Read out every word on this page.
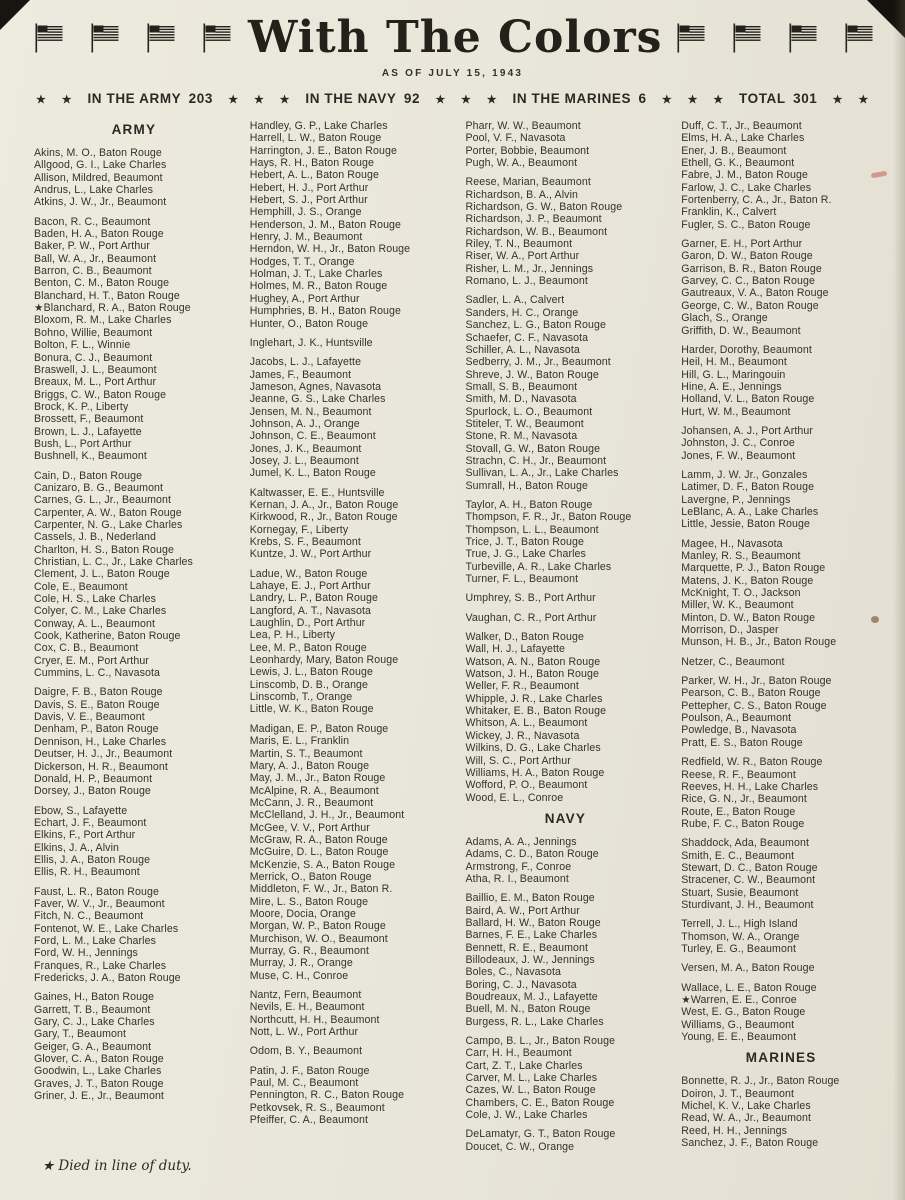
With The Colors
AS OF JULY 15, 1943
★ ★ IN THE ARMY 203 ★ ★ ★ IN THE NAVY 92 ★ ★ ★ IN THE MARINES 6 ★ ★ ★ TOTAL 301 ★ ★
ARMY
Akins, M. O., Baton Rouge
Allgood, G. I., Lake Charles
Allison, Mildred, Beaumont
Andrus, L., Lake Charles
Atkins, J. W., Jr., Beaumont
Bacon, R. C., Beaumont
Baden, H. A., Baton Rouge
Baker, P. W., Port Arthur
Ball, W. A., Jr., Beaumont
Barron, C. B., Beaumont
Benton, C. M., Baton Rouge
Blanchard, H. T., Baton Rouge
★Blanchard, R. A., Baton Rouge
Bloxom, R. M., Lake Charles
Bohno, Willie, Beaumont
Bolton, F. L., Winnie
Bonura, C. J., Beaumont
Braswell, J. L., Beaumont
Breaux, M. L., Port Arthur
Briggs, C. W., Baton Rouge
Brock, K. P., Liberty
Brossett, F., Beaumont
Brown, L. J., Lafayette
Bush, L., Port Arthur
Bushnell, K., Beaumont
Cain, D., Baton Rouge
Canizaro, B. G., Beaumont
Carnes, G. L., Jr., Beaumont
Carpenter, A. W., Baton Rouge
Carpenter, N. G., Lake Charles
Cassels, J. B., Nederland
Charlton, H. S., Baton Rouge
Christian, L. C., Jr., Lake Charles
Clement, J. L., Baton Rouge
Cole, E., Beaumont
Cole, H. S., Lake Charles
Colyer, C. M., Lake Charles
Conway, A. L., Beaumont
Cook, Katherine, Baton Rouge
Cox, C. B., Beaumont
Cryer, E. M., Port Arthur
Cummins, L. C., Navasota
Daigre, F. B., Baton Rouge
Davis, S. E., Baton Rouge
Davis, V. E., Beaumont
Denham, P., Baton Rouge
Dennison, H., Lake Charles
Deutser, H. J., Jr., Beaumont
Dickerson, H. R., Beaumont
Donald, H. P., Beaumont
Dorsey, J., Baton Rouge
Ebow, S., Lafayette
Echart, J. F., Beaumont
Elkins, F., Port Arthur
Elkins, J. A., Alvin
Ellis, J. A., Baton Rouge
Ellis, R. H., Beaumont
Faust, L. R., Baton Rouge
Faver, W. V., Jr., Beaumont
Fitch, N. C., Beaumont
Fontenot, W. E., Lake Charles
Ford, L. M., Lake Charles
Ford, W. H., Jennings
Franques, R., Lake Charles
Fredericks, J. A., Baton Rouge
Gaines, H., Baton Rouge
Garrett, T. B., Beaumont
Gary, C. J., Lake Charles
Gary, T., Beaumont
Geiger, G. A., Beaumont
Glover, C. A., Baton Rouge
Goodwin, L., Lake Charles
Graves, J. T., Baton Rouge
Griner, J. E., Jr., Beaumont
Handley, G. P., Lake Charles
Harrell, L. W., Baton Rouge
Harrington, J. E., Baton Rouge
Hays, R. H., Baton Rouge
Hebert, A. L., Baton Rouge
Hebert, H. J., Port Arthur
Hebert, S. J., Port Arthur
Hemphill, J. S., Orange
Henderson, J. M., Baton Rouge
Henry, J. M., Beaumont
Herndon, W. H., Jr., Baton Rouge
Hodges, T. T., Orange
Holman, J. T., Lake Charles
Holmes, M. R., Baton Rouge
Hughey, A., Port Arthur
Humphries, B. H., Baton Rouge
Hunter, O., Baton Rouge
Inglehart, J. K., Huntsville
Jacobs, L. J., Lafayette
James, F., Beaumont
Jameson, Agnes, Navasota
Jeanne, G. S., Lake Charles
Jensen, M. N., Beaumont
Johnson, A. J., Orange
Johnson, C. E., Beaumont
Jones, J. K., Beaumont
Josey, J. L., Beaumont
Jumel, K. L., Baton Rouge
Kaltwasser, E. E., Huntsville
Kernan, J. A., Jr., Baton Rouge
Kirkwood, R., Jr., Baton Rouge
Kornegay, F., Liberty
Krebs, S. F., Beaumont
Kuntze, J. W., Port Arthur
Ladue, W., Baton Rouge
Lahaye, E. J., Port Arthur
Landry, L. P., Baton Rouge
Langford, A. T., Navasota
Laughlin, D., Port Arthur
Lea, P. H., Liberty
Lee, M. P., Baton Rouge
Leonhardy, Mary, Baton Rouge
Lewis, J. L., Baton Rouge
Linscomb, D. B., Orange
Linscomb, T., Orange
Little, W. K., Baton Rouge
Madigan, E. P., Baton Rouge
Maris, E. L., Franklin
Martin, S. T., Beaumont
Mary, A. J., Baton Rouge
May, J. M., Jr., Baton Rouge
McAlpine, R. A., Beaumont
McCann, J. R., Beaumont
McClelland, J. H., Jr., Beaumont
McGee, V. V., Port Arthur
McGraw, R. A., Baton Rouge
McGuire, D. L., Baton Rouge
McKenzie, S. A., Baton Rouge
Merrick, O., Baton Rouge
Middleton, F. W., Jr., Baton R.
Mire, L. S., Baton Rouge
Moore, Docia, Orange
Morgan, W. P., Baton Rouge
Murchison, W. O., Beaumont
Murray, G. R., Beaumont
Murray, J. R., Orange
Muse, C. H., Conroe
Nantz, Fern, Beaumont
Nevils, E. H., Beaumont
Northcutt, H. H., Beaumont
Nott, L. W., Port Arthur
Odom, B. Y., Beaumont
Patin, J. F., Baton Rouge
Paul, M. C., Beaumont
Pennington, R. C., Baton Rouge
Petkovsek, R. S., Beaumont
Pfeiffer, C. A., Beaumont
Pharr, W. W., Beaumont
Pool, V. F., Navasota
Porter, Bobbie, Beaumont
Pugh, W. A., Beaumont
Reese, Marian, Beaumont
Richardson, B. A., Alvin
Richardson, G. W., Baton Rouge
Richardson, J. P., Beaumont
Richardson, W. B., Beaumont
Riley, T. N., Beaumont
Riser, W. A., Port Arthur
Risher, L. M., Jr., Jennings
Romano, L. J., Beaumont
Sadler, L. A., Calvert
Sanders, H. C., Orange
Sanchez, L. G., Baton Rouge
Schaefer, C. F., Navasota
Schiller, A. L., Navasota
Sedberry, J. M., Jr., Beaumont
Shreve, J. W., Baton Rouge
Small, S. B., Beaumont
Smith, M. D., Navasota
Spurlock, L. O., Beaumont
Stiteler, T. W., Beaumont
Stone, R. M., Navasota
Stovall, G. W., Baton Rouge
Strachn, C. H., Jr., Beaumont
Sullivan, L. A., Jr., Lake Charles
Sumrall, H., Baton Rouge
Taylor, A. H., Baton Rouge
Thompson, F. R., Jr., Baton Rouge
Thompson, L. L., Beaumont
Trice, J. T., Baton Rouge
True, J. G., Lake Charles
Turbeville, A. R., Lake Charles
Turner, F. L., Beaumont
Umphrey, S. B., Port Arthur
Vaughan, C. R., Port Arthur
Walker, D., Baton Rouge
Wall, H. J., Lafayette
Watson, A. N., Baton Rouge
Watson, J. H., Baton Rouge
Weller, F. R., Beaumont
Whipple, J. R., Lake Charles
Whitaker, E. B., Baton Rouge
Whitson, A. L., Beaumont
Wickey, J. R., Navasota
Wilkins, D. G., Lake Charles
Will, S. C., Port Arthur
Williams, H. A., Baton Rouge
Wofford, P. O., Beaumont
Wood, E. L., Conroe
NAVY
Adams, A. A., Jennings
Adams, C. D., Baton Rouge
Armstrong, F., Conroe
Atha, R. I., Beaumont
Baillio, E. M., Baton Rouge
Baird, A. W., Port Arthur
Ballard, H. W., Baton Rouge
Barnes, F. E., Lake Charles
Bennett, R. E., Beaumont
Billodeaux, J. W., Jennings
Boles, C., Navasota
Boring, C. J., Navasota
Boudreaux, M. J., Lafayette
Buell, M. N., Baton Rouge
Burgess, R. L., Lake Charles
Campo, B. L., Jr., Baton Rouge
Carr, H. H., Beaumont
Cart, Z. T., Lake Charles
Carver, M. L., Lake Charles
Cazes, W. L., Baton Rouge
Chambers, C. E., Baton Rouge
Cole, J. W., Lake Charles
DeLamatyr, G. T., Baton Rouge
Doucet, C. W., Orange
Duff, C. T., Jr., Beaumont
Elms, H. A., Lake Charles
Ener, J. B., Beaumont
Ethell, G. K., Beaumont
Fabre, J. M., Baton Rouge
Farlow, J. C., Lake Charles
Fortenberry, C. A., Jr., Baton R.
Franklin, K., Calvert
Fugler, S. C., Baton Rouge
Garner, E. H., Port Arthur
Garon, D. W., Baton Rouge
Garrison, B. R., Baton Rouge
Garvey, C. C., Baton Rouge
Gautreaux, V. A., Baton Rouge
George, C. W., Baton Rouge
Glach, S., Orange
Griffith, D. W., Beaumont
Harder, Dorothy, Beaumont
Heil, H. M., Beaumont
Hill, G. L., Maringouin
Hine, A. E., Jennings
Holland, V. L., Baton Rouge
Hurt, W. M., Beaumont
Johansen, A. J., Port Arthur
Johnston, J. C., Conroe
Jones, F. W., Beaumont
Lamm, J. W. Jr., Gonzales
Latimer, D. F., Baton Rouge
Lavergne, P., Jennings
LeBlanc, A. A., Lake Charles
Little, Jessie, Baton Rouge
Magee, H., Navasota
Manley, R. S., Beaumont
Marquette, P. J., Baton Rouge
Matens, J. K., Baton Rouge
McKnight, T. O., Jackson
Miller, W. K., Beaumont
Minton, D. W., Baton Rouge
Morrison, D., Jasper
Munson, H. B., Jr., Baton Rouge
Netzer, C., Beaumont
Parker, W. H., Jr., Baton Rouge
Pearson, C. B., Baton Rouge
Pettepher, C. S., Baton Rouge
Poulson, A., Beaumont
Powledge, B., Navasota
Pratt, E. S., Baton Rouge
Redfield, W. R., Baton Rouge
Reese, R. F., Beaumont
Reeves, H. H., Lake Charles
Rice, G. N., Jr., Beaumont
Route, E., Baton Rouge
Rube, F. C., Baton Rouge
Shaddock, Ada, Beaumont
Smith, E. C., Beaumont
Stewart, D. C., Baton Rouge
Stracener, C. W., Beaumont
Stuart, Susie, Beaumont
Sturdivant, J. H., Beaumont
Terrell, J. L., High Island
Thomson, W. A., Orange
Turley, E. G., Beaumont
Versen, M. A., Baton Rouge
Wallace, L. E., Baton Rouge
★Warren, E. E., Conroe
West, E. G., Baton Rouge
Williams, G., Beaumont
Young, E. E., Beaumont
MARINES
Bonnette, R. J., Jr., Baton Rouge
Doiron, J. T., Beaumont
Michel, K. V., Lake Charles
Read, W. A., Jr., Beaumont
Reed, H. H., Jennings
Sanchez, J. F., Baton Rouge
★ Died in line of duty.
